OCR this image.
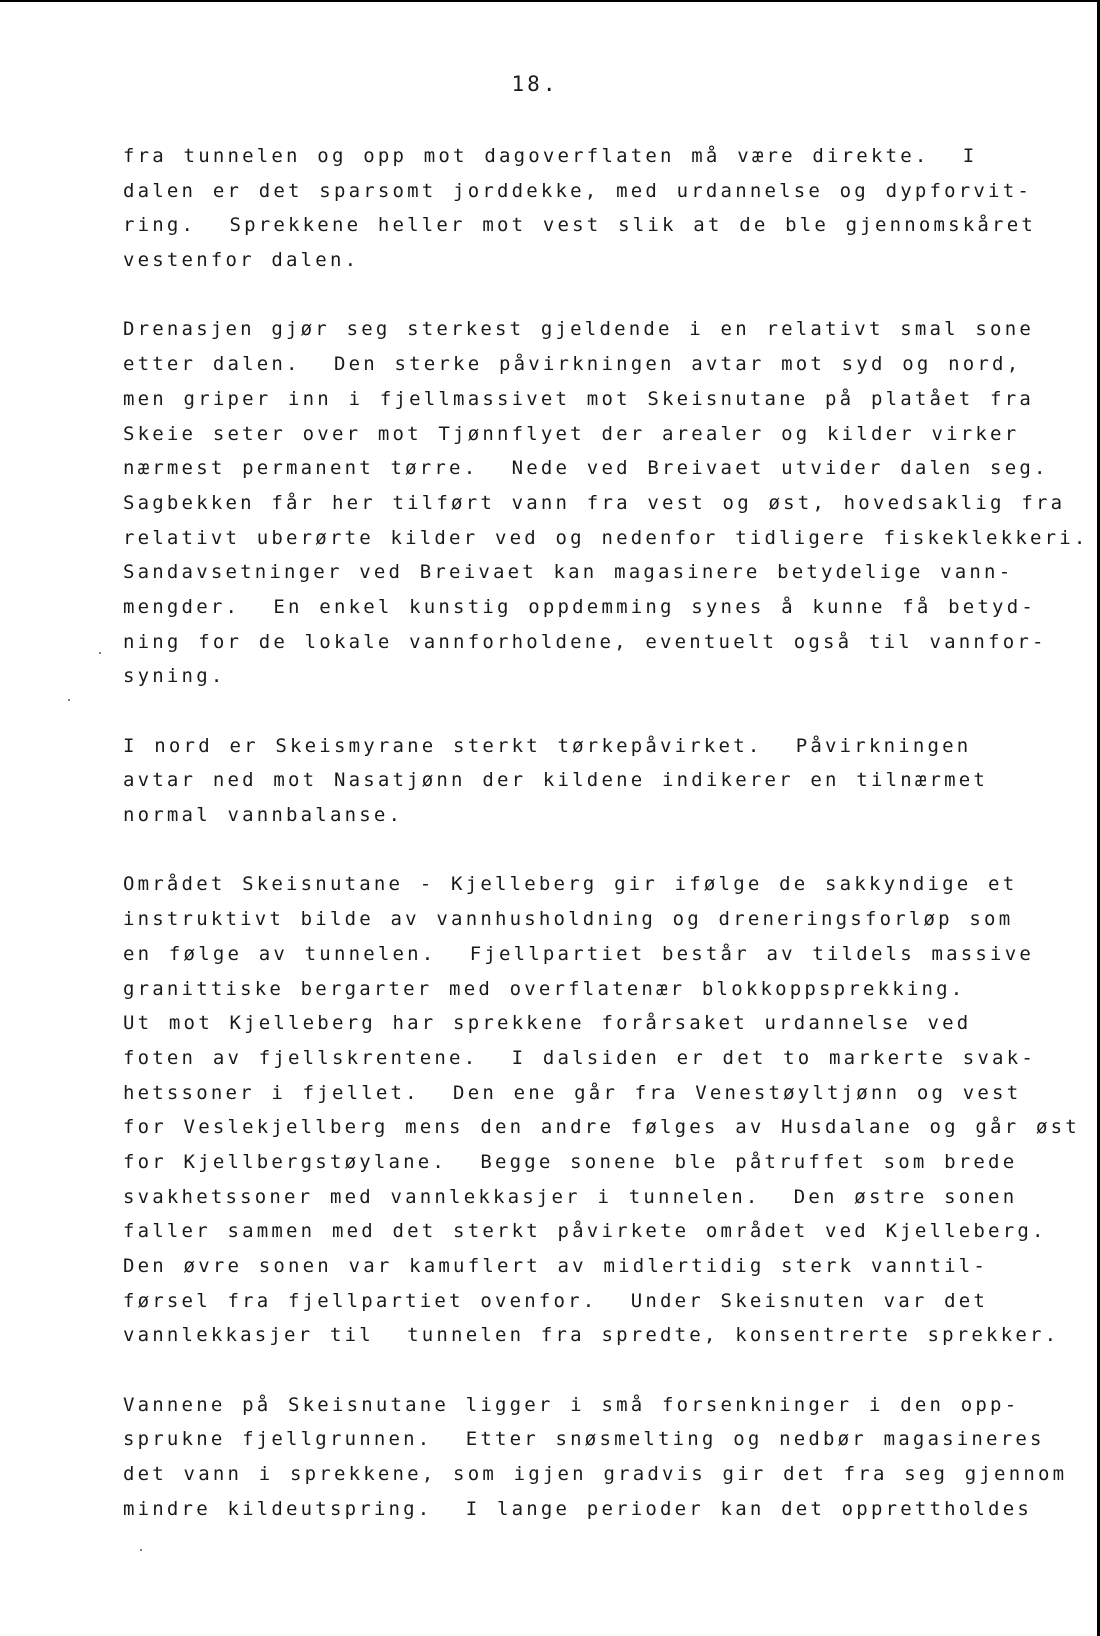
18.
fra tunnelen og opp mot dagoverflaten må være direkte.  I
dalen er det sparsomt jorddekke, med urdannelse og dypforvit-
ring.  Sprekkene heller mot vest slik at de ble gjennomskåret
vestenfor dalen.
Drenasjen gjør seg sterkest gjeldende i en relativt smal sone
etter dalen.  Den sterke påvirkningen avtar mot syd og nord,
men griper inn i fjellmassivet mot Skeisnutane på platået fra
Skeie seter over mot Tjønnflyet der arealer og kilder virker
nærmest permanent tørre.  Nede ved Breivaet utvider dalen seg.
Sagbekken får her tilført vann fra vest og øst, hovedsaklig fra
relativt uberørte kilder ved og nedenfor tidligere fiskeklekkeri.
Sandavsetninger ved Breivaet kan magasinere betydelige vann-
mengder.  En enkel kunstig oppdemming synes å kunne få betyd-
ning for de lokale vannforholdene, eventuelt også til vannfor-
syning.
I nord er Skeismyrane sterkt tørkepåvirket.  Påvirkningen
avtar ned mot Nasatjønn der kildene indikerer en tilnærmet
normal vannbalanse.
Området Skeisnutane - Kjelleberg gir ifølge de sakkyndige et
instruktivt bilde av vannhusholdning og dreneringsforløp som
en følge av tunnelen.  Fjellpartiet består av tildels massive
granittiske bergarter med overflatenær blokkoppsprekking.
Ut mot Kjelleberg har sprekkene forårsaket urdannelse ved
foten av fjellskrentene.  I dalsiden er det to markerte svak-
hetssoner i fjellet.  Den ene går fra Venestøyltjønn og vest
for Veslekjellberg mens den andre følges av Husdalane og går øst
for Kjellbergstøylane.  Begge sonene ble påtruffet som brede
svakhetssoner med vannlekkasjer i tunnelen.  Den østre sonen
faller sammen med det sterkt påvirkete området ved Kjelleberg.
Den øvre sonen var kamuflert av midlertidig sterk vanntil-
førsel fra fjellpartiet ovenfor.  Under Skeisnuten var det
vannlekkasjer til  tunnelen fra spredte, konsentrerte sprekker.
Vannene på Skeisnutane ligger i små forsenkninger i den opp-
sprukne fjellgrunnen.  Etter snøsmelting og nedbør magasineres
det vann i sprekkene, som igjen gradvis gir det fra seg gjennom
mindre kildeutspring.  I lange perioder kan det opprettholdes
